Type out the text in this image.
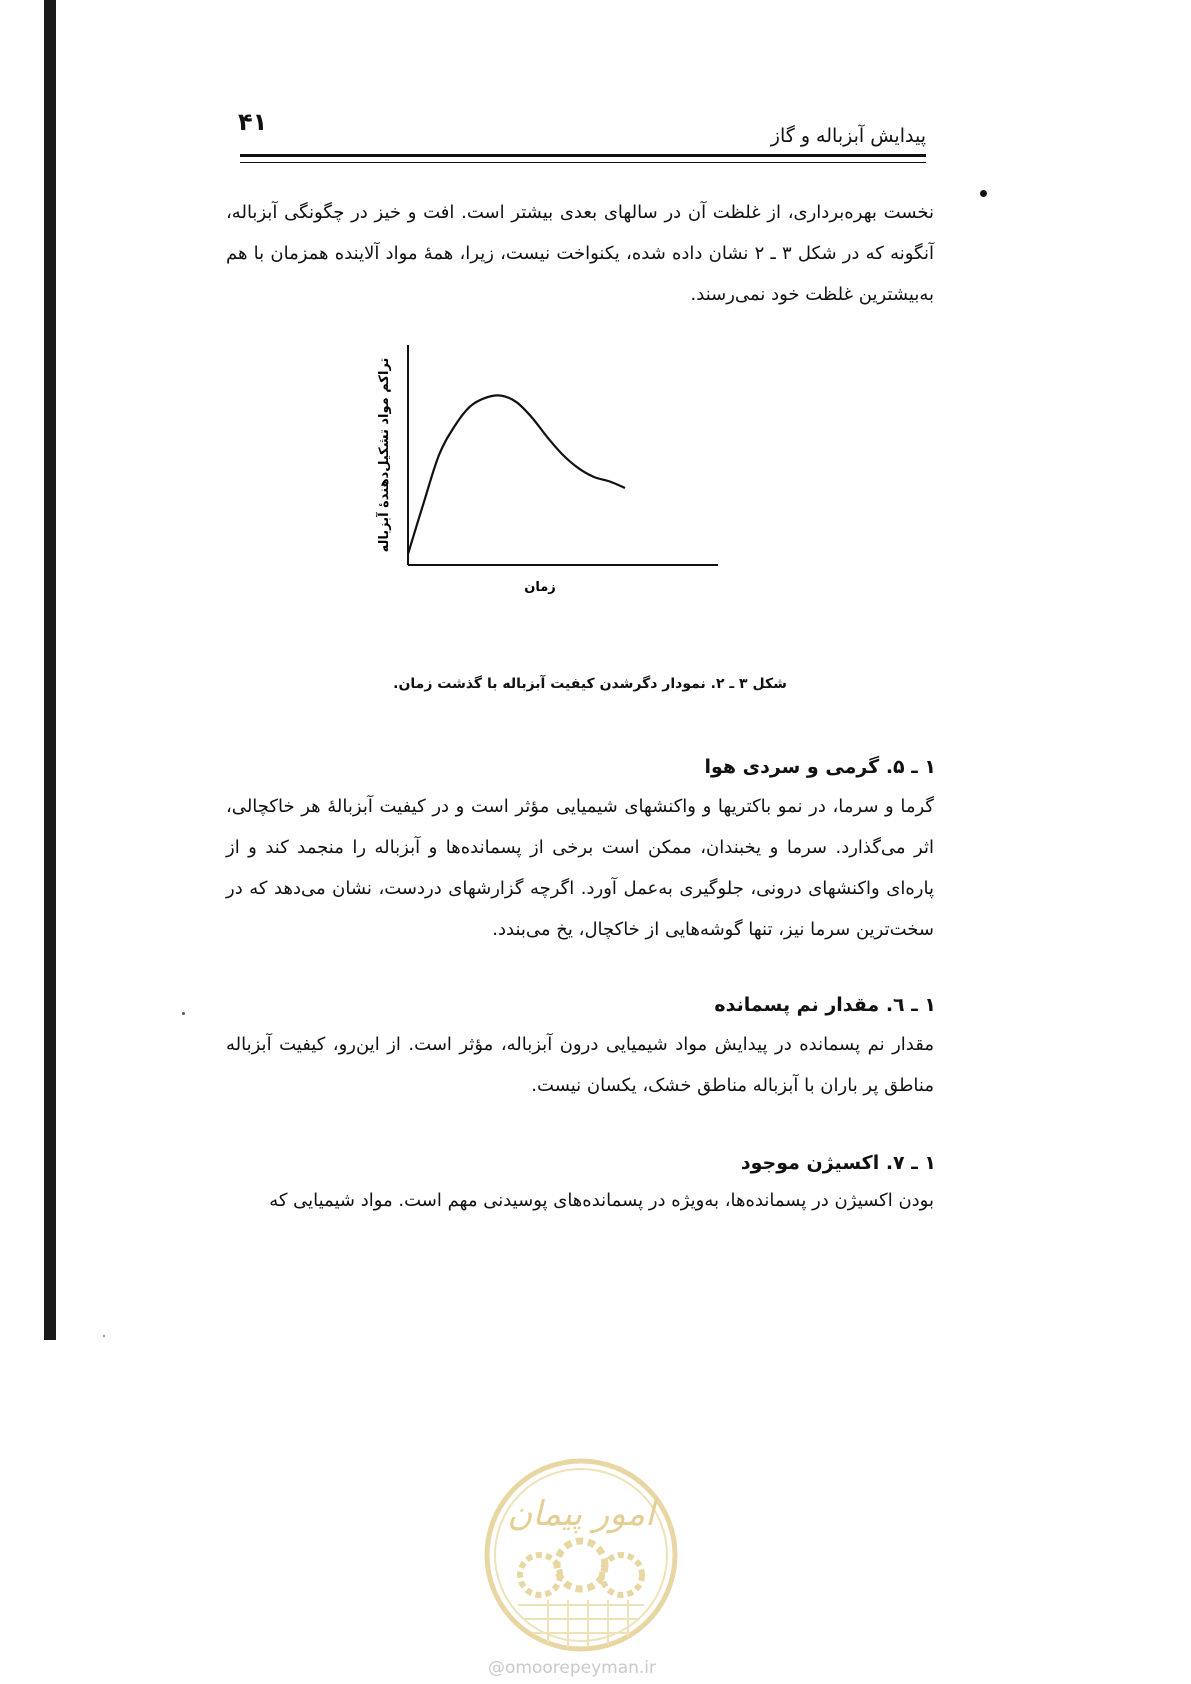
۴۱	پیدایش آبزباله و گاز

نخست بهره‌برداری، از غلظت آن در سالهای بعدی بیشتر است. افت و خیز در چگونگی آبزباله، آنگونه که در شکل ۳ ـ ۲ نشان داده شده، یکنواخت نیست، زیرا، همهٔ مواد آلاینده همزمان با هم به‌بیشترین غلظت خود نمی‌رسند.

زمان
تراکم مواد تشکیل‌دهندهٔ آبزباله
شکل ۳ ـ ۲. نمودار دگرشدن کیفیت آبزباله با گذشت زمان.
۱ ـ ۵. گرمی و سردی هوا

گرما و سرما، در نمو باکتریها و واکنشهای شیمیایی مؤثر است و در کیفیت آبزبالهٔ هر خاکچالی، اثر می‌گذارد. سرما و یخبندان، ممکن است برخی از پسمانده‌ها و آبزباله را منجمد کند و از پاره‌ای واکنشهای درونی، جلوگیری به‌عمل آورد. اگرچه گزارشهای دردست، نشان می‌دهد که در سخت‌ترین سرما نیز، تنها گوشه‌هایی از خاکچال، یخ می‌بندد.

۱ ـ ٦. مقدار نم پسمانده

مقدار نم پسمانده در پیدایش مواد شیمیایی درون آبزباله، مؤثر است. از این‌رو، کیفیت آبزباله مناطق پر باران با آبزباله مناطق خشک، یکسان نیست.

۱ ـ ۷. اکسیژن موجود

بودن اکسیژن در پسمانده‌ها، به‌ویژه در پسمانده‌های پوسیدنی مهم است. مواد شیمیایی که

امور پیمان
@omoorepeyman.ir
